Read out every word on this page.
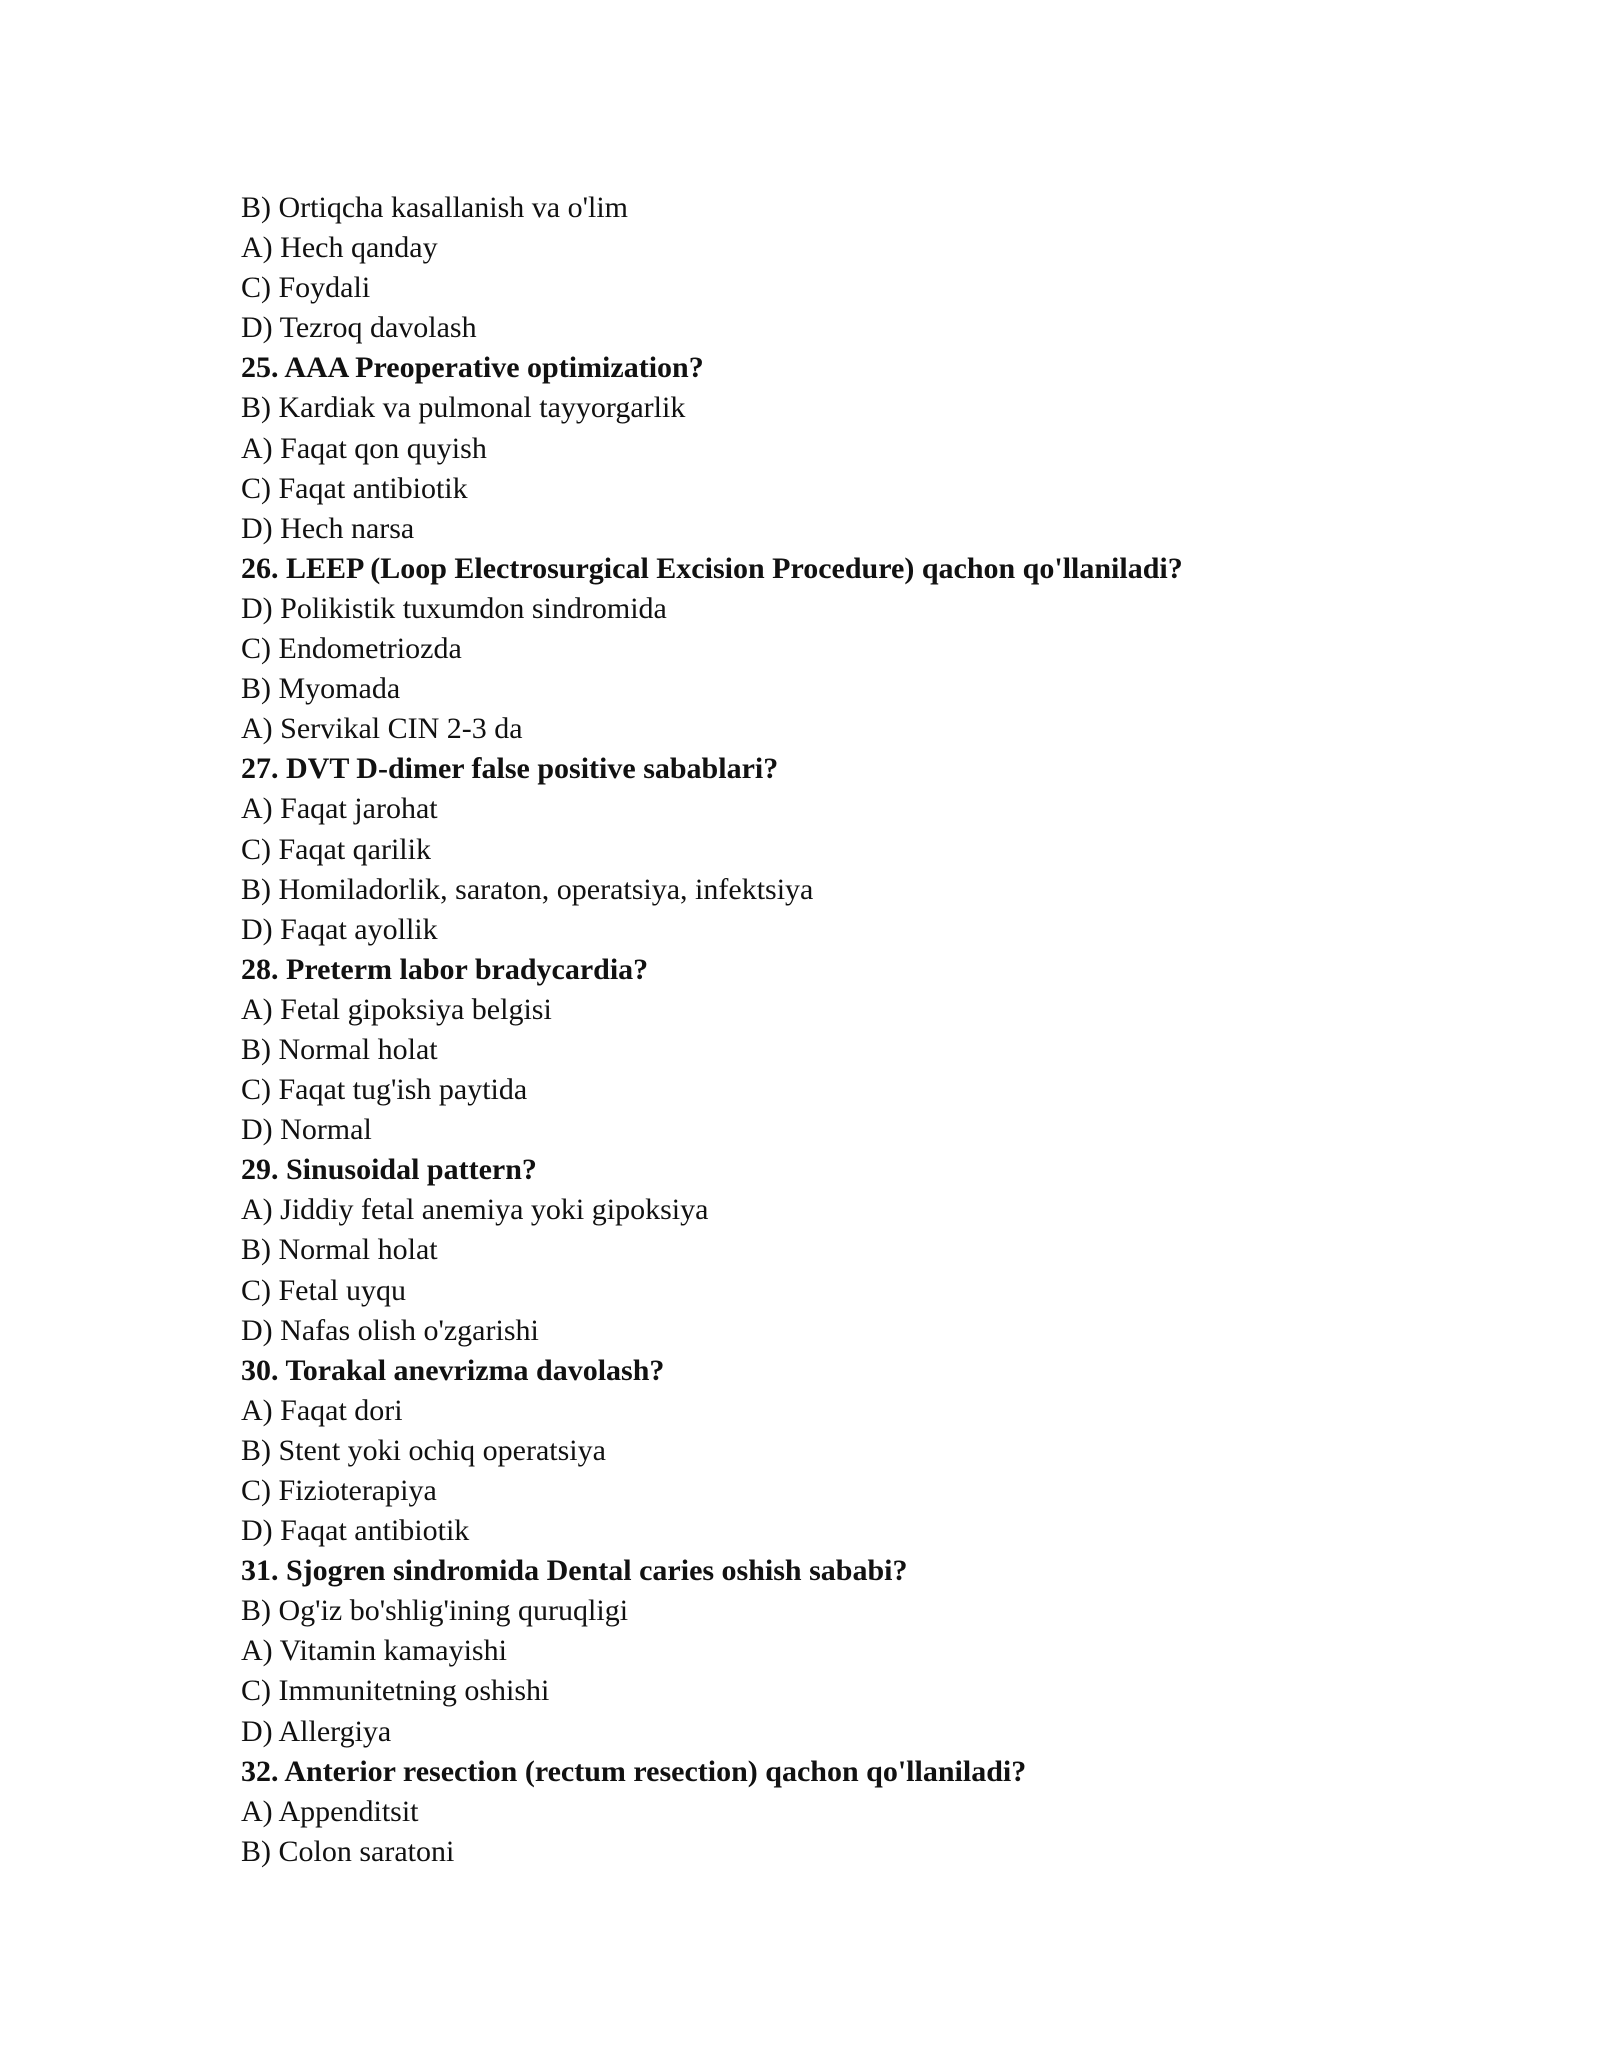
B) Ortiqcha kasallanish va o'lim
A) Hech qanday
C) Foydali
D) Tezroq davolash
25. AAA Preoperative optimization?
B) Kardiak va pulmonal tayyorgarlik
A) Faqat qon quyish
C) Faqat antibiotik
D) Hech narsa
26. LEEP (Loop Electrosurgical Excision Procedure) qachon qo'llaniladi?
D) Polikistik tuxumdon sindromida
C) Endometriozda
B) Myomada
A) Servikal CIN 2-3 da
27. DVT D-dimer false positive sabablari?
A) Faqat jarohat
C) Faqat qarilik
B) Homiladorlik, saraton, operatsiya, infektsiya
D) Faqat ayollik
28. Preterm labor bradycardia?
A) Fetal gipoksiya belgisi
B) Normal holat
C) Faqat tug'ish paytida
D) Normal
29. Sinusoidal pattern?
A) Jiddiy fetal anemiya yoki gipoksiya
B) Normal holat
C) Fetal uyqu
D) Nafas olish o'zgarishi
30. Torakal anevrizma davolash?
A) Faqat dori
B) Stent yoki ochiq operatsiya
C) Fizioterapiya
D) Faqat antibiotik
31. Sjogren sindromida Dental caries oshish sababi?
B) Og'iz bo'shlig'ining quruqligi
A) Vitamin kamayishi
C) Immunitetning oshishi
D) Allergiya
32. Anterior resection (rectum resection) qachon qo'llaniladi?
A) Appenditsit
B) Colon saratoni
